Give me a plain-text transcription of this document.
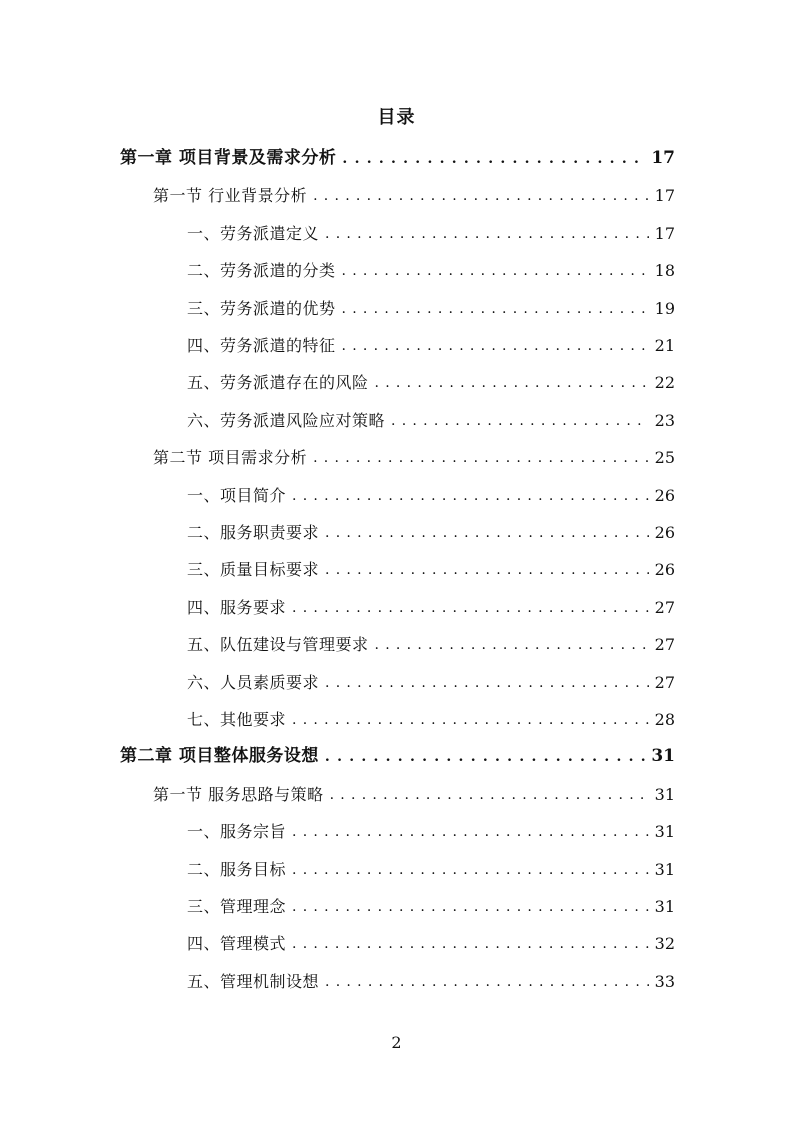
目录
第一章 项目背景及需求分析 . . .	17
第一节 行业背景分析 . . .	17
一、劳务派遣定义 . . .	17
二、劳务派遣的分类 . . .	18
三、劳务派遣的优势 . . .	19
四、劳务派遣的特征 . . .	21
五、劳务派遣存在的风险 . . .	22
六、劳务派遣风险应对策略 . . .	23
第二节 项目需求分析 . . .	25
一、项目简介 . . .	26
二、服务职责要求 . . .	26
三、质量目标要求 . . .	26
四、服务要求 . . .	27
五、队伍建设与管理要求 . . .	27
六、人员素质要求 . . .	27
七、其他要求 . . .	28
第二章 项目整体服务设想 . . .	31
第一节 服务思路与策略 . . .	31
一、服务宗旨 . . .	31
二、服务目标 . . .	31
三、管理理念 . . .	31
四、管理模式 . . .	32
五、管理机制设想 . . .	33
2
